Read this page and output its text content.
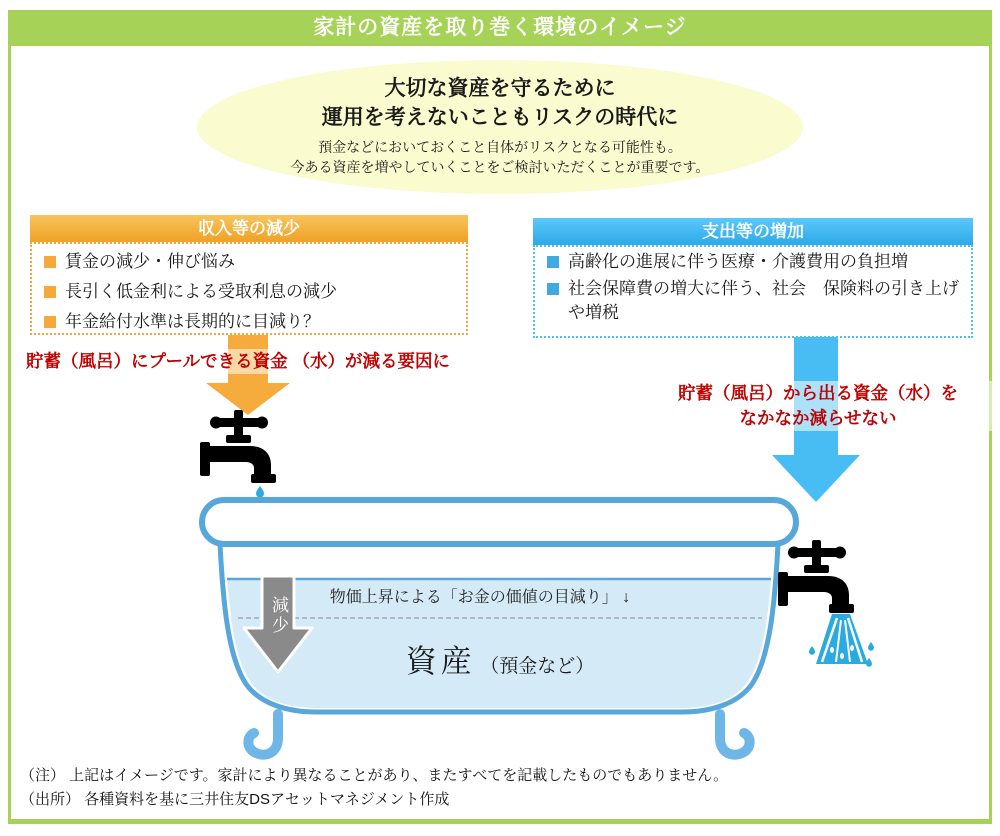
家計の資産を取り巻く環境のイメージ
大切な資産を守るために
運用を考えないこともリスクの時代に
預金などにおいておくこと自体がリスクとなる可能性も。
今ある資産を増やしていくことをご検討いただくことが重要です。
収入等の減少
賃金の減少・伸び悩み
長引く低金利による受取利息の減少
年金給付水準は長期的に目減り？
支出等の増加
高齢化の進展に伴う医療・介護費用の負担増
社会保障費の増大に伴う、社会　保険料の引き上げや増税
貯蓄（風呂）にプールできる資金 （水）が減る要因に
貯蓄（風呂）から出る資金（水）を
なかなか減らせない
物価上昇による「お金の価値の目減り」 ↓
資産 （預金など）
減少
（注） 上記はイメージです。家計により異なることがあり、またすべてを記載したものでもありません。
（出所） 各種資料を基に三井住友DSアセットマネジメント作成
